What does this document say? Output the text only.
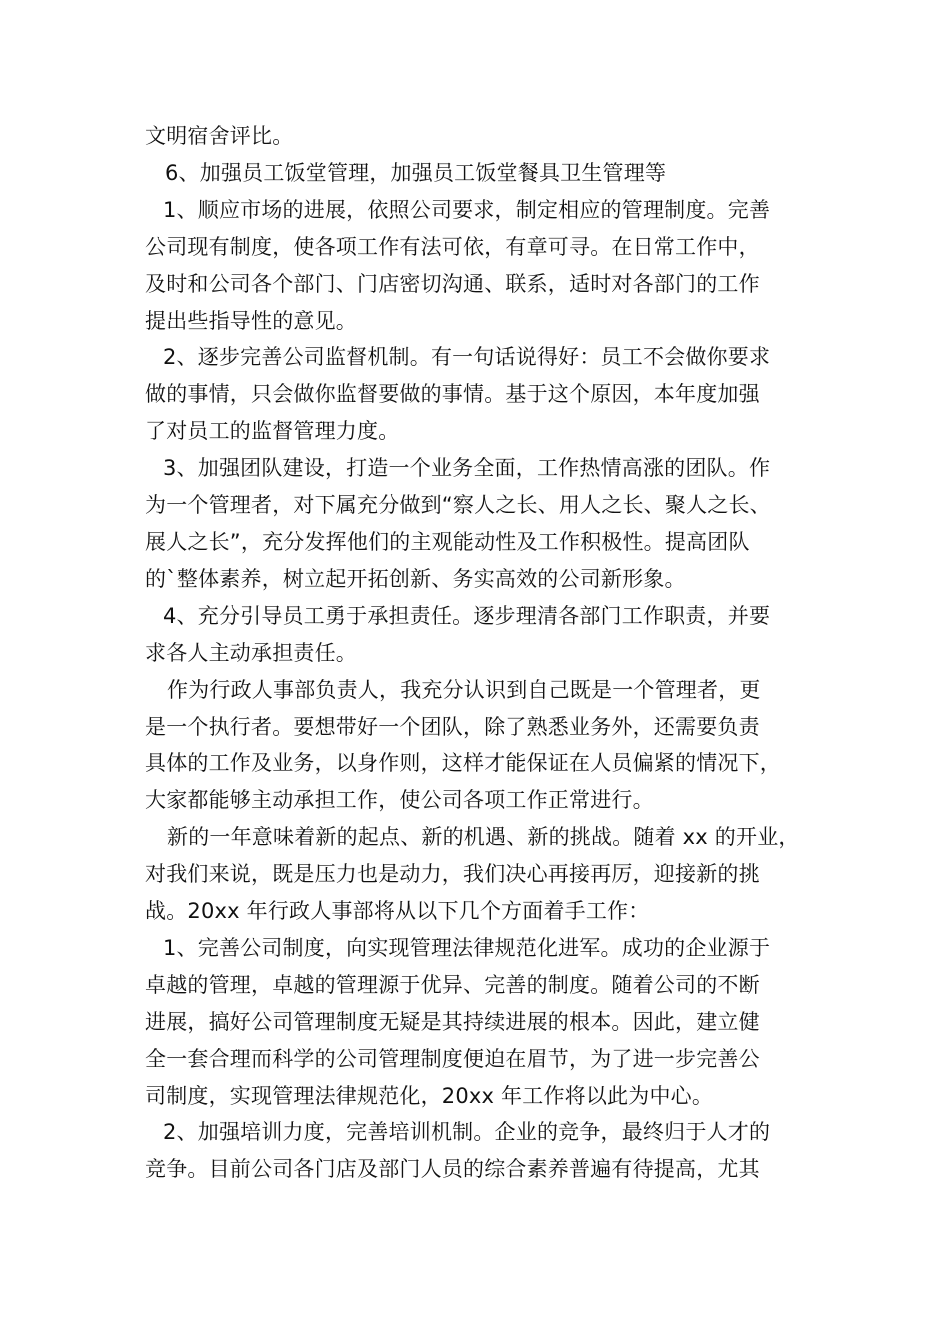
文明宿舍评比。
6、加强员工饭堂管理，加强员工饭堂餐具卫生管理等
1、顺应市场的进展，依照公司要求，制定相应的管理制度。完善
公司现有制度，使各项工作有法可依，有章可寻。在日常工作中，
及时和公司各个部门、门店密切沟通、联系，适时对各部门的工作
提出些指导性的意见。
2、逐步完善公司监督机制。有一句话说得好：员工不会做你要求
做的事情，只会做你监督要做的事情。基于这个原因，本年度加强
了对员工的监督管理力度。
3、加强团队建设，打造一个业务全面，工作热情高涨的团队。作
为一个管理者，对下属充分做到“察人之长、用人之长、聚人之长、
展人之长”，充分发挥他们的主观能动性及工作积极性。提高团队
的`整体素养，树立起开拓创新、务实高效的公司新形象。
4、充分引导员工勇于承担责任。逐步理清各部门工作职责，并要
求各人主动承担责任。
作为行政人事部负责人，我充分认识到自己既是一个管理者，更
是一个执行者。要想带好一个团队，除了熟悉业务外，还需要负责
具体的工作及业务，以身作则，这样才能保证在人员偏紧的情况下，
大家都能够主动承担工作，使公司各项工作正常进行。
新的一年意味着新的起点、新的机遇、新的挑战。随着 xx 的开业，
对我们来说，既是压力也是动力，我们决心再接再厉，迎接新的挑
战。20xx 年行政人事部将从以下几个方面着手工作：
1、完善公司制度，向实现管理法律规范化进军。成功的企业源于
卓越的管理，卓越的管理源于优异、完善的制度。随着公司的不断
进展，搞好公司管理制度无疑是其持续进展的根本。因此，建立健
全一套合理而科学的公司管理制度便迫在眉节，为了进一步完善公
司制度，实现管理法律规范化，20xx 年工作将以此为中心。
2、加强培训力度，完善培训机制。企业的竞争，最终归于人才的
竞争。目前公司各门店及部门人员的综合素养普遍有待提高，尤其
